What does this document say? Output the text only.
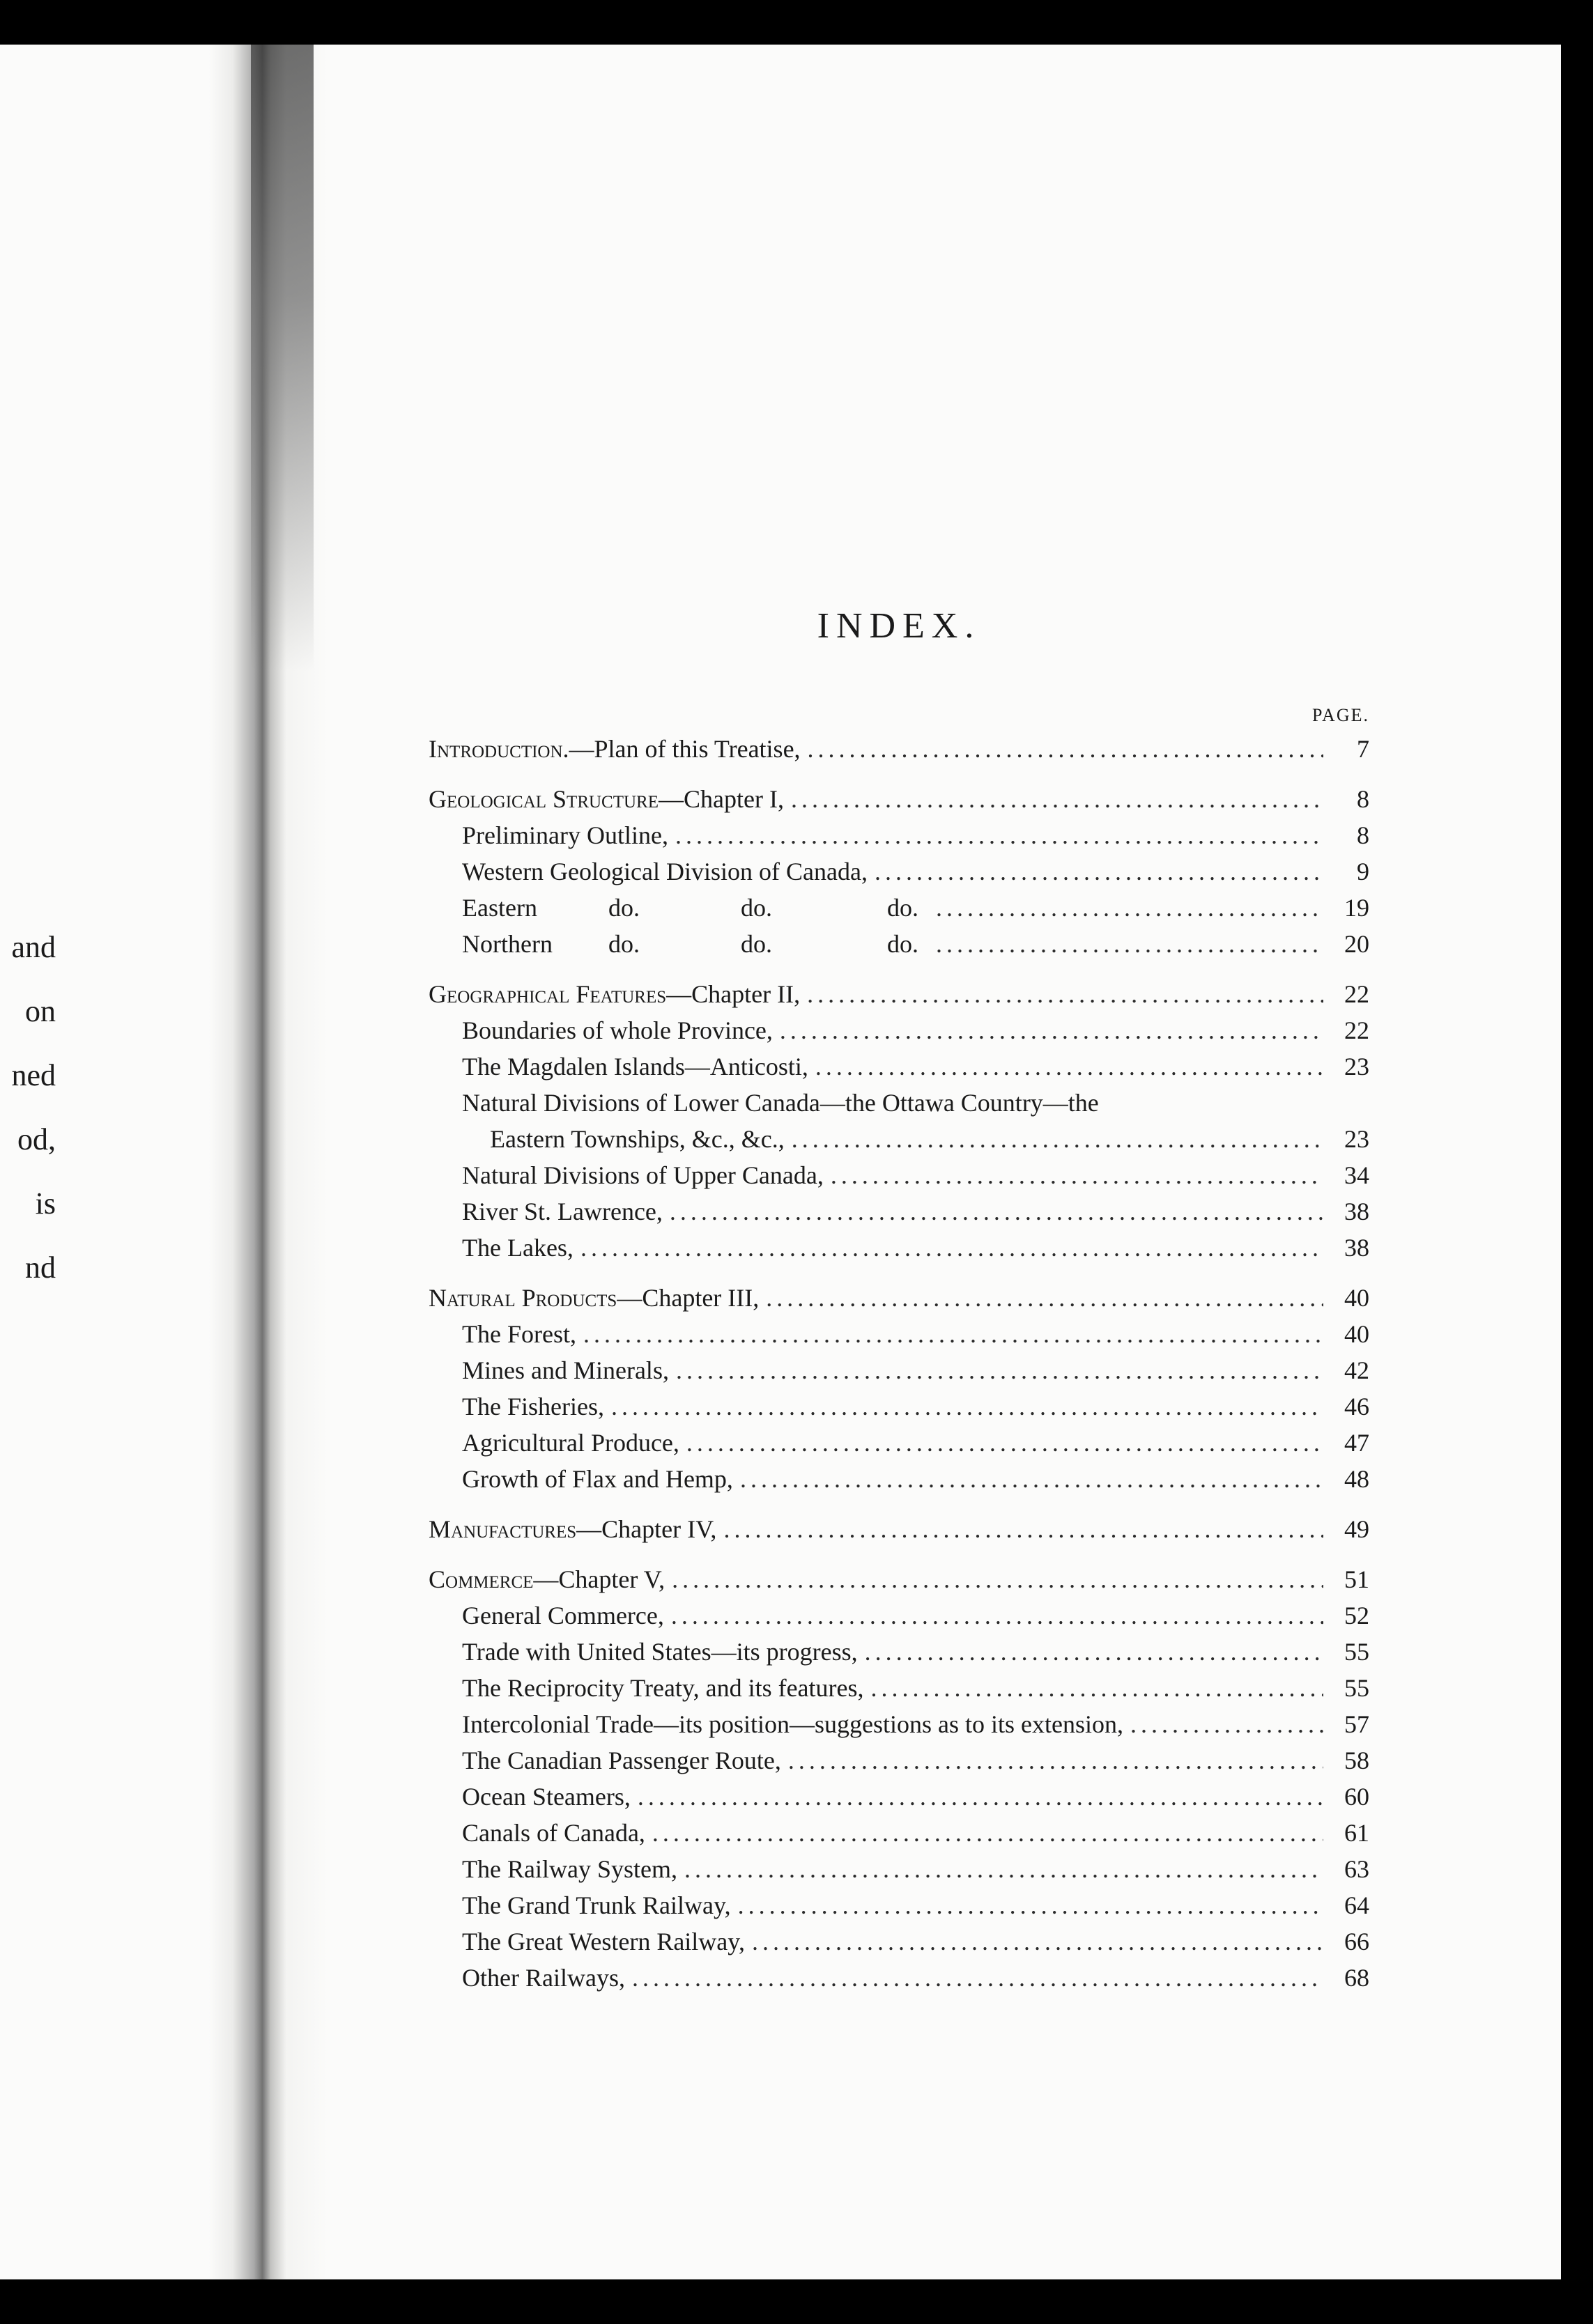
and
on
ned
od,
is
nd
INDEX.
PAGE.
Introduction.—Plan of this Treatise, .....	7
Geological Structure—Chapter I, .....	8
Preliminary Outline, .....	8
Western Geological Division of Canada, .....	9
Eastern	do.	do.	do. .....	19
Northern	do.	do.	do. .....	20
Geographical Features—Chapter II, .....	22
Boundaries of whole Province, .....	22
The Magdalen Islands—Anticosti, .....	23
Natural Divisions of Lower Canada—the Ottawa Country—the
Eastern Townships, &c., &c., .....	23
Natural Divisions of Upper Canada, .....	34
River St. Lawrence, .....	38
The Lakes, .....	38
Natural Products—Chapter III, .....	40
The Forest, .....	40
Mines and Minerals, .....	42
The Fisheries, .....	46
Agricultural Produce, .....	47
Growth of Flax and Hemp, .....	48
Manufactures—Chapter IV, .....	49
Commerce—Chapter V, .....	51
General Commerce, .....	52
Trade with United States—its progress, .....	55
The Reciprocity Treaty, and its features, .....	55
Intercolonial Trade—its position—suggestions as to its extension, .....	57
The Canadian Passenger Route, .....	58
Ocean Steamers, .....	60
Canals of Canada, .....	61
The Railway System, .....	63
The Grand Trunk Railway, .....	64
The Great Western Railway, .....	66
Other Railways, .....	68
